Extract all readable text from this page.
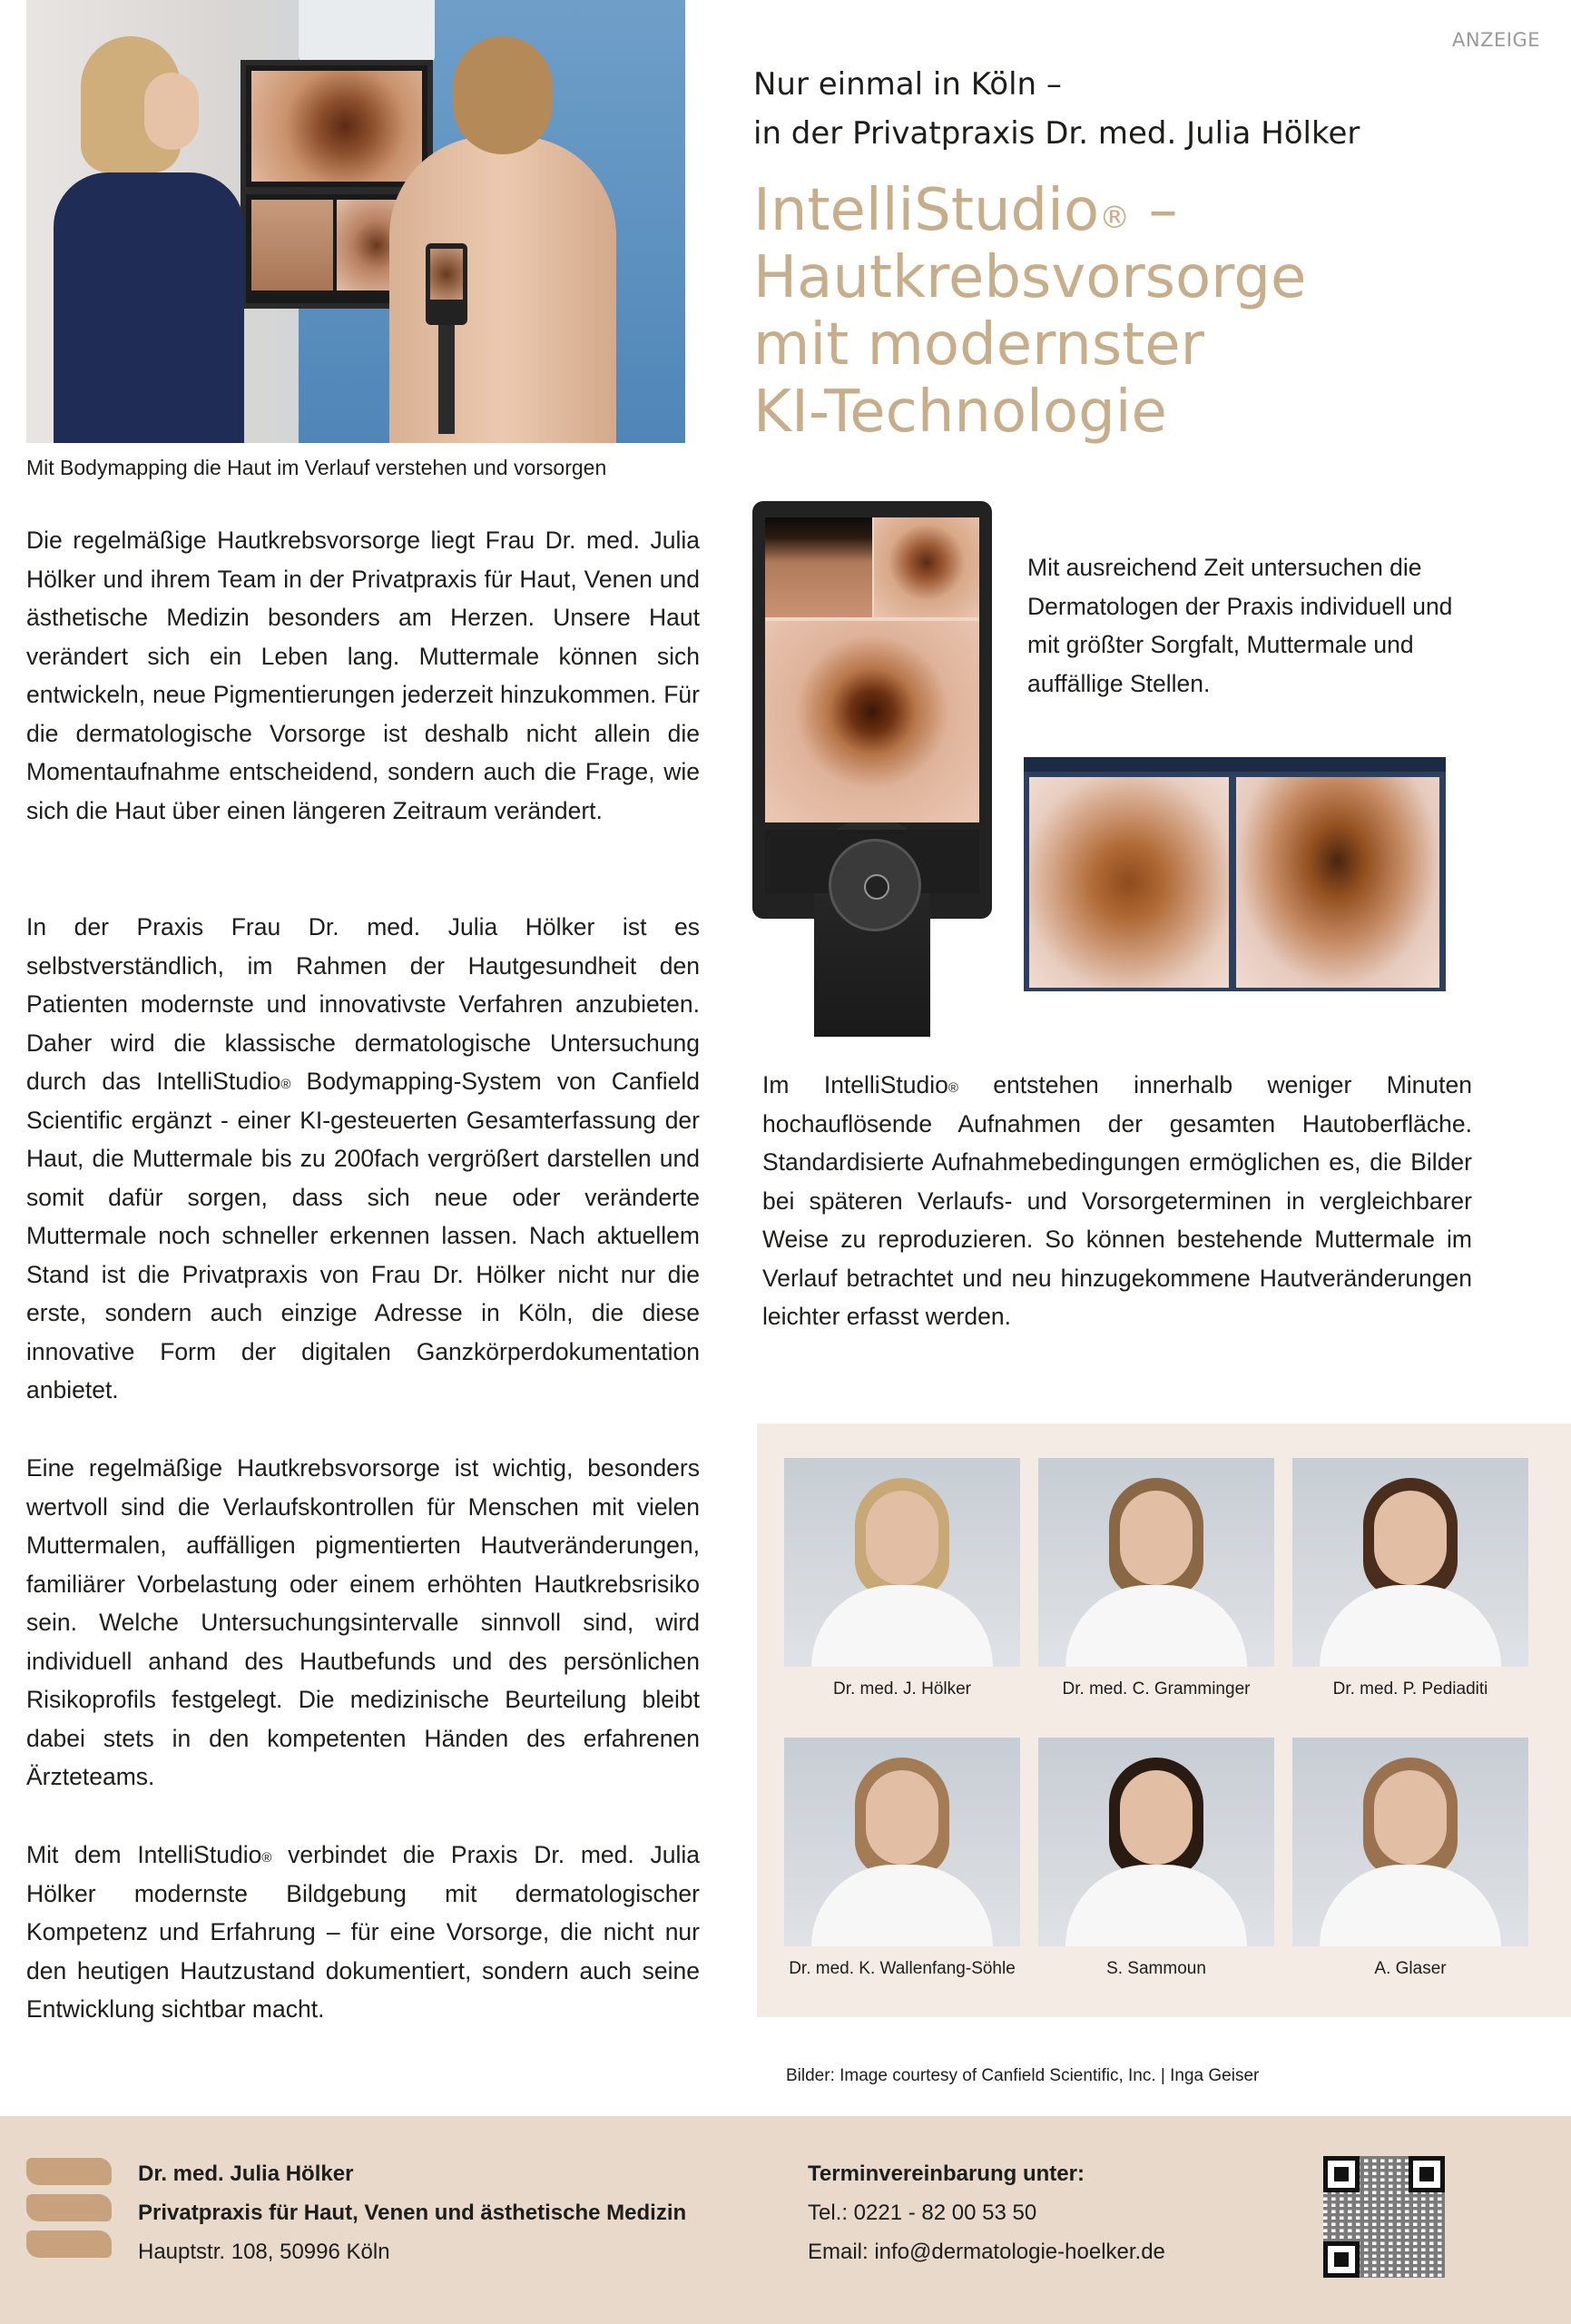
ANZEIGE
Mit Bodymapping die Haut im Verlauf verstehen und vorsorgen
Nur einmal in Köln –
in der Privatpraxis Dr. med. Julia Hölker
IntelliStudio® –
Hautkrebsvorsorge
mit modernster
KI-Technologie

Die regelmäßige Hautkrebsvorsorge liegt Frau Dr. med. Julia Hölker und ihrem Team in der Privatpraxis für Haut, Venen und ästhetische Medizin besonders am Herzen. Unsere Haut verändert sich ein Leben lang. Muttermale können sich entwickeln, neue Pigmentierungen jederzeit hinzukommen. Für die dermatologische Vorsorge ist deshalb nicht allein die Momentaufnahme entscheidend, sondern auch die Frage, wie sich die Haut über einen längeren Zeitraum verändert.

In der Praxis Frau Dr. med. Julia Hölker ist es selbstverständlich, im Rahmen der Hautgesundheit den Patienten modernste und innovativste Verfahren anzubieten. Daher wird die klassische dermatologische Untersuchung durch das IntelliStudio® Bodymapping-System von Canfield Scientific ergänzt - einer KI-gesteuerten Gesamterfassung der Haut, die Muttermale bis zu 200fach vergrößert darstellen und somit dafür sorgen, dass sich neue oder veränderte Muttermale noch schneller erkennen lassen. Nach aktuellem Stand ist die Privatpraxis von Frau Dr. Hölker nicht nur die erste, sondern auch einzige Adresse in Köln, die diese innovative Form der digitalen Ganzkörperdokumentation anbietet.

Eine regelmäßige Hautkrebsvorsorge ist wichtig, besonders wertvoll sind die Verlaufskontrollen für Menschen mit vielen Muttermalen, auffälligen pigmentierten Hautveränderungen, familiärer Vorbelastung oder einem erhöhten Hautkrebsrisiko sein. Welche Untersuchungsintervalle sinnvoll sind, wird individuell anhand des Hautbefunds und des persönlichen Risikoprofils festgelegt. Die medizinische Beurteilung bleibt dabei stets in den kompetenten Händen des erfahrenen Ärzteteams.

Mit dem IntelliStudio® verbindet die Praxis Dr. med. Julia Hölker modernste Bildgebung mit dermatologischer Kompetenz und Erfahrung – für eine Vorsorge, die nicht nur den heutigen Hautzustand dokumentiert, sondern auch seine Entwicklung sichtbar macht.

Mit ausreichend Zeit untersuchen die Dermatologen der Praxis individuell und mit größter Sorgfalt, Muttermale und auffällige Stellen.

Im IntelliStudio® entstehen innerhalb weniger Minuten hochauflösende Aufnahmen der gesamten Hautoberfläche. Standardisierte Aufnahmebedingungen ermöglichen es, die Bilder bei späteren Verlaufs- und Vorsorgeterminen in vergleichbarer Weise zu reproduzieren. So können bestehende Muttermale im Verlauf betrachtet und neu hinzugekommene Hautveränderungen leichter erfasst werden.

Dr. med. J. Hölker	Dr. med. C. Gramminger	Dr. med. P. Pediaditi
Dr. med. K. Wallenfang-Söhle	S. Sammoun	A. Glaser
Bilder: Image courtesy of Canfield Scientific, Inc. | Inga Geiser
Dr. med. Julia Hölker
Privatpraxis für Haut, Venen und ästhetische Medizin
Hauptstr. 108, 50996 Köln
Terminvereinbarung unter:
Tel.: 0221 - 82 00 53 50
Email: info@dermatologie-hoelker.de
